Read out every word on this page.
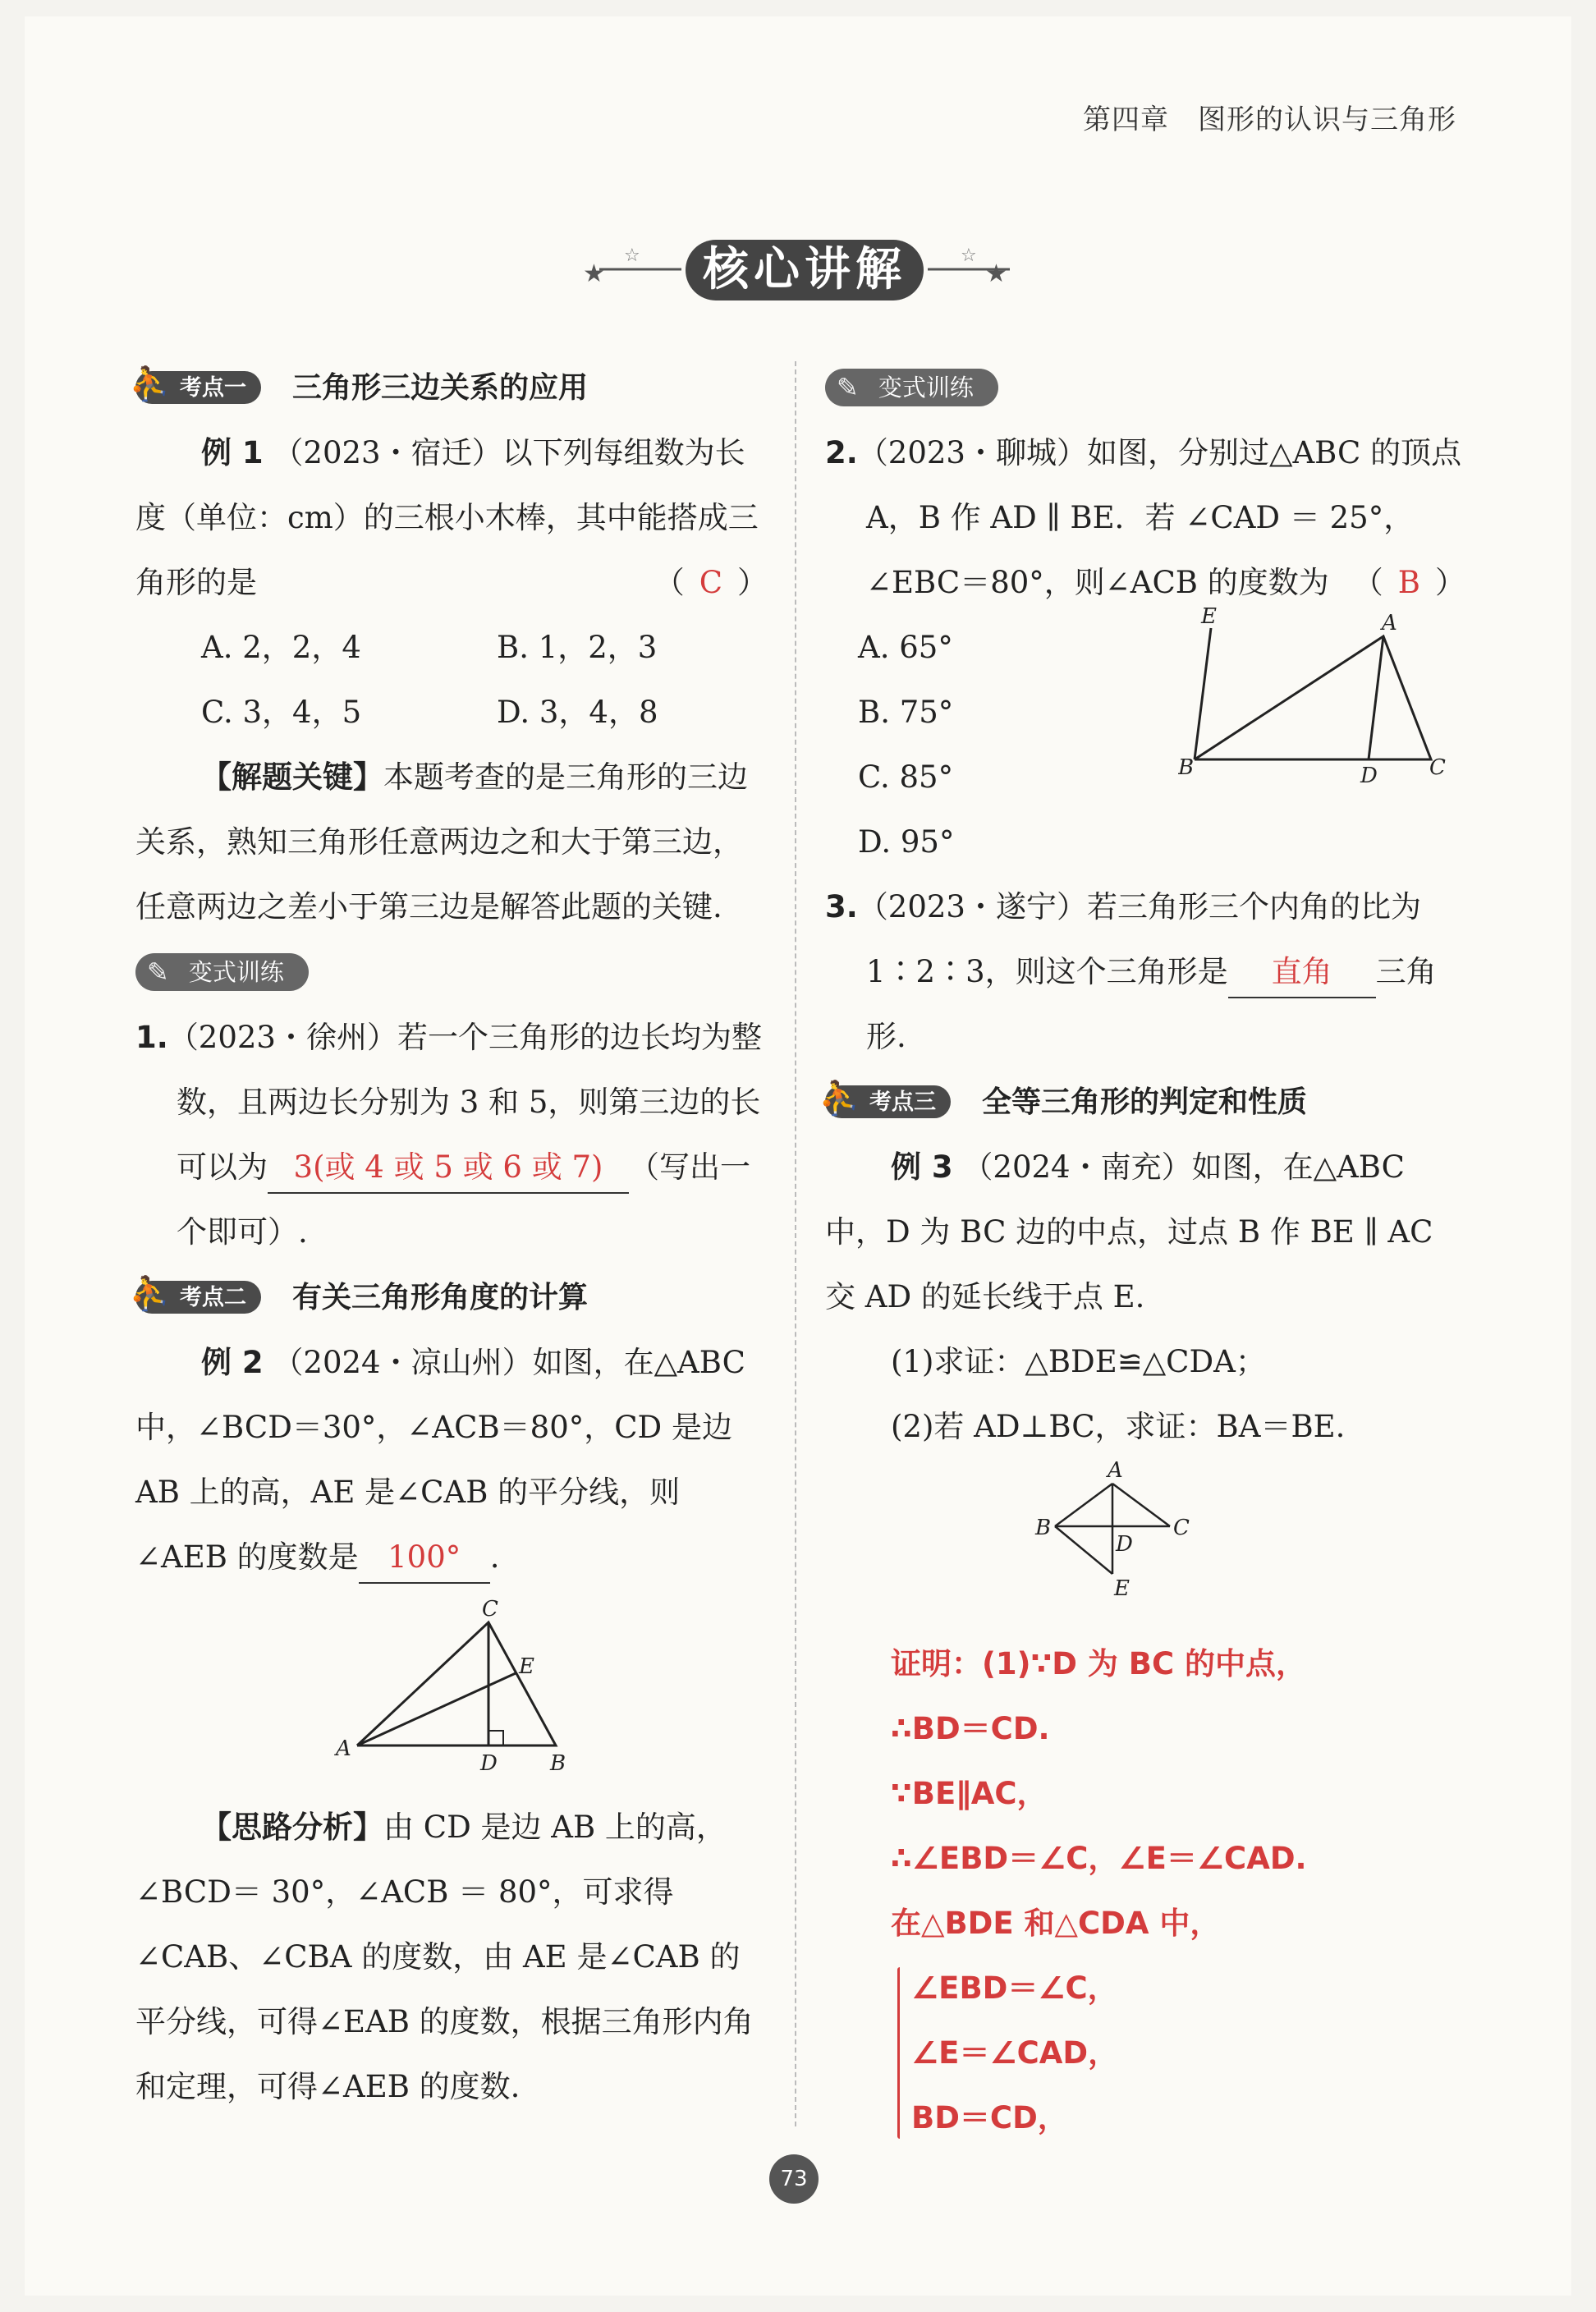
第四章　图形的认识与三角形
★
☆
★
☆
核心讲解
⛹ 考点一 三角形三边关系的应用

例 1 （2023・宿迁）以下列每组数为长度（单位：cm）的三根小木棒，其中能搭成三角形的是	（ C ）

A. 2，2，4	B. 1，2，3
C. 3，4，5	D. 3，4，8

【解题关键】本题考查的是三角形的三边关系，熟知三角形任意两边之和大于第三边，任意两边之差小于第三边是解答此题的关键.

✎ 变式训练

1.（2023・徐州）若一个三角形的边长均为整数，且两边长分别为 3 和 5，则第三边的长可以为 3(或 4 或 5 或 6 或 7) （写出一个即可）.

⛹ 考点二 有关三角形角度的计算

例 2 （2024・凉山州）如图，在△ABC 中，∠BCD＝30°，∠ACB＝80°，CD 是边 AB 上的高，AE 是∠CAB 的平分线，则∠AEB 的度数是 100° .

A
C
E
D B

【思路分析】由 CD 是边 AB 上的高，∠BCD＝ 30°，∠ACB ＝ 80°，可求得∠CAB、∠CBA 的度数，由 AE 是∠CAB 的平分线，可得∠EAB 的度数，根据三角形内角和定理，可得∠AEB 的度数.

✎ 变式训练

2.（2023・聊城）如图，分别过△ABC 的顶点 A，B 作 AD ∥ BE．若 ∠CAD ＝ 25°，∠EBC＝80°，则∠ACB 的度数为 （ B ）

A. 65°
B. 75°
C. 85°
D. 95°
E	A
B	D C

3.（2023・遂宁）若三角形三个内角的比为 1∶2∶3，则这个三角形是 直角 三角形.

⛹ 考点三 全等三角形的判定和性质

例 3 （2024・南充）如图，在△ABC 中，D 为 BC 边的中点，过点 B 作 BE ∥ AC 交 AD 的延长线于点 E.

(1)求证：△BDE≌△CDA；

(2)若 AD⊥BC，求证：BA＝BE.

A
B	C
D
E
证明：(1)∵D 为 BC 的中点，
∴BD＝CD.
∵BE∥AC，
∴∠EBD＝∠C，∠E＝∠CAD.
在△BDE 和△CDA 中，
∠EBD＝∠C，
∠E＝∠CAD，
BD＝CD，
73
